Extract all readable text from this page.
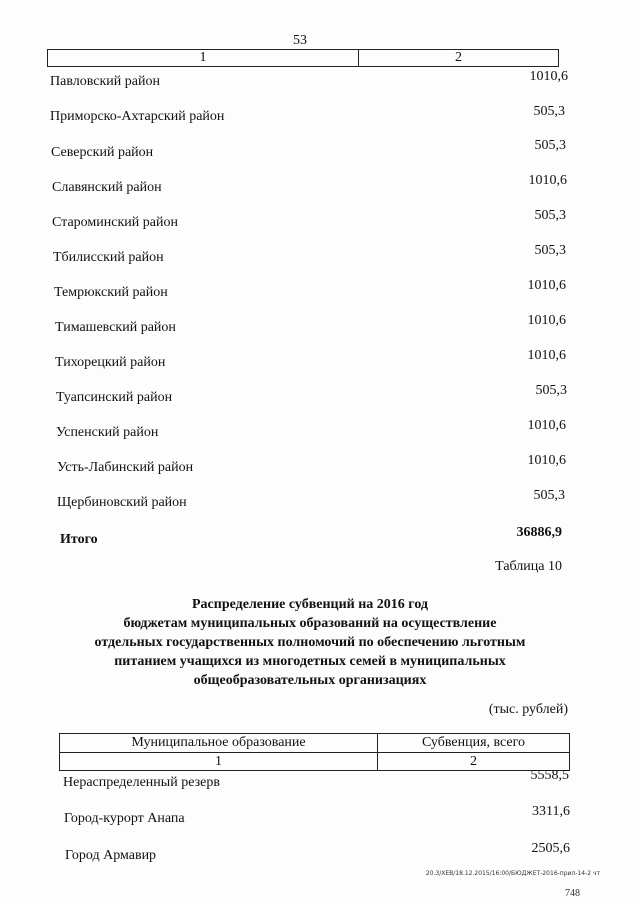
53
1	2
Павловский район	1010,6
Приморско-Ахтарский район	505,3
Северский район	505,3
Славянский район	1010,6
Староминский район	505,3
Тбилисский район	505,3
Темрюкский район	1010,6
Тимашевский район	1010,6
Тихорецкий район	1010,6
Туапсинский район	505,3
Успенский район	1010,6
Усть-Лабинский район	1010,6
Щербиновский район	505,3
Итого	36886,9
Таблица 10
Распределение субвенций на 2016 год
бюджетам муниципальных образований на осуществление
отдельных государственных полномочий по обеспечению льготным
питанием учащихся из многодетных семей в муниципальных
общеобразовательных организациях
(тыс. рублей)
Муниципальное образование	Субвенция, всего
1	2
Нераспределенный резерв	5558,5
Город-курорт Анапа	3311,6
Город Армавир	2505,6
20.3/ХЕВ/18.12.2015/16:00/БЮДЖЕТ-2016-прил-14-2 чт
748
